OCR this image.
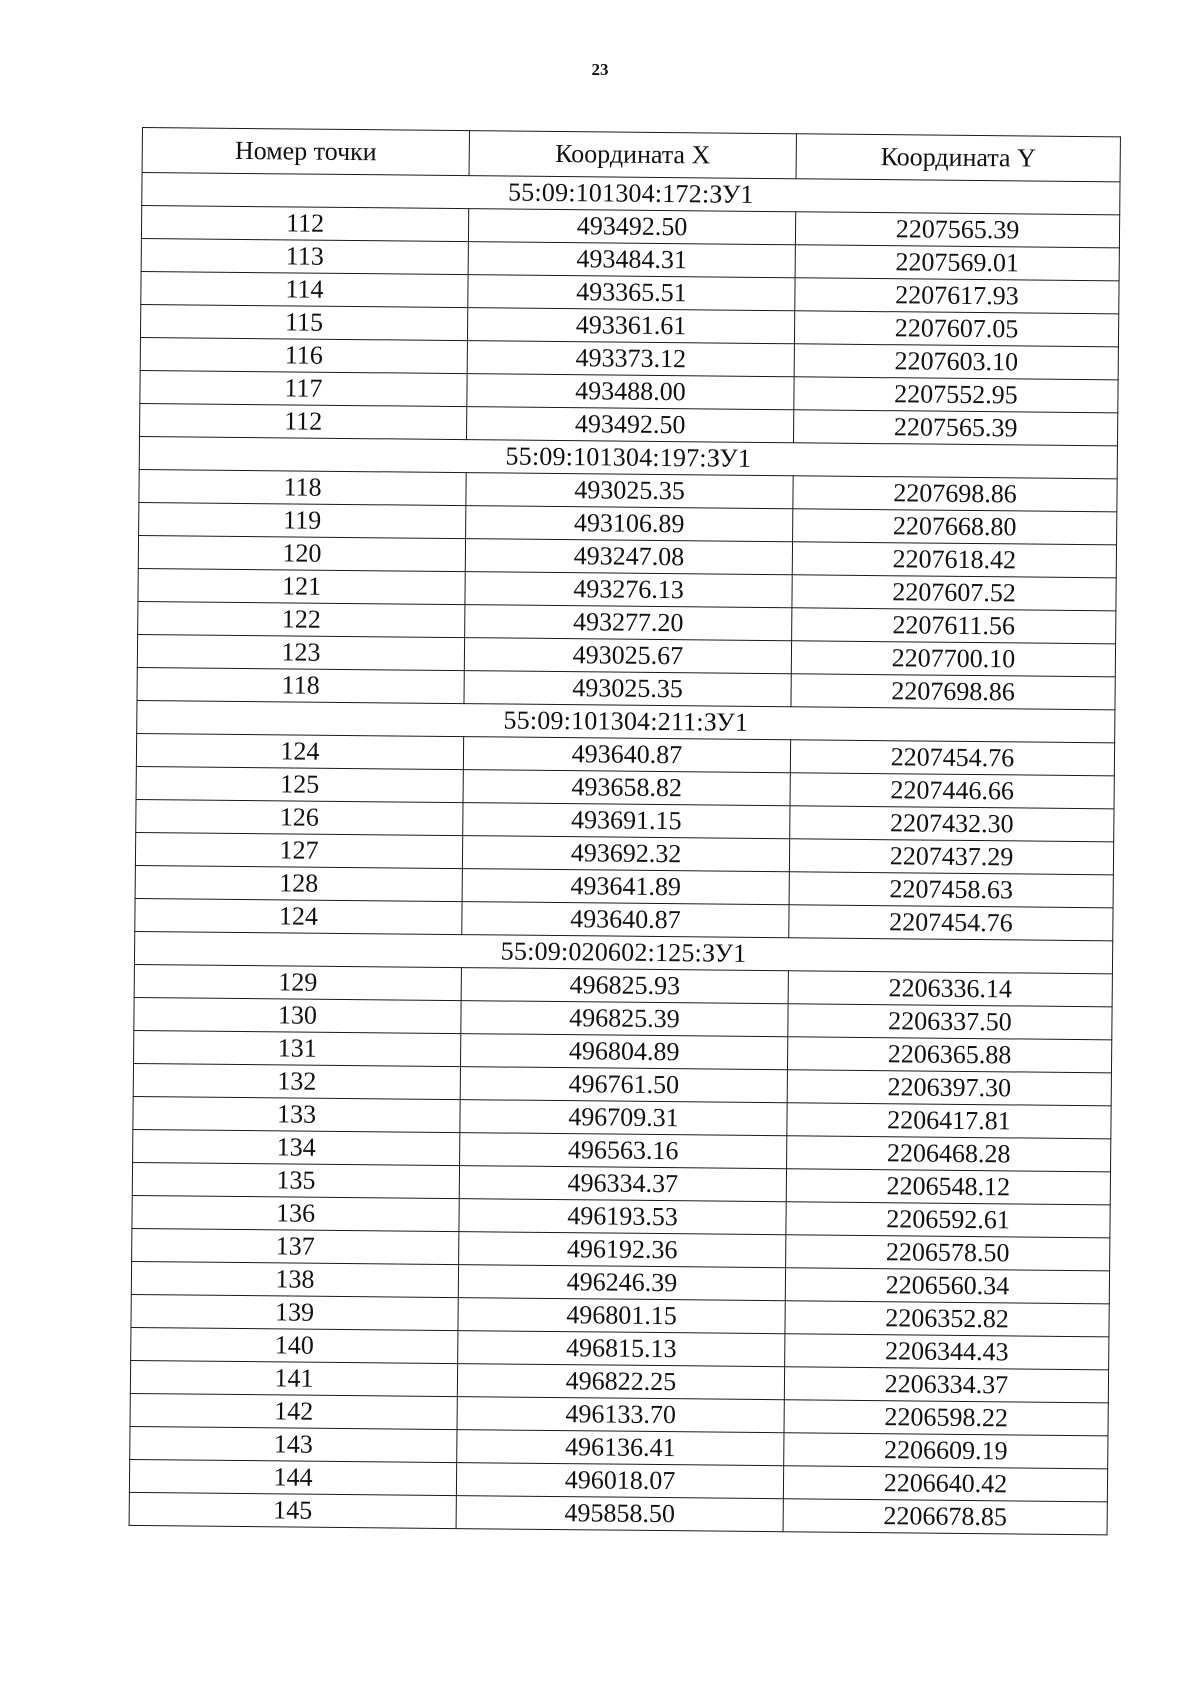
23
Номер точки	Координата X	Координата Y
55:09:101304:172:ЗУ1		
112	493492.50	2207565.39
113	493484.31	2207569.01
114	493365.51	2207617.93
115	493361.61	2207607.05
116	493373.12	2207603.10
117	493488.00	2207552.95
112	493492.50	2207565.39
55:09:101304:197:ЗУ1		
118	493025.35	2207698.86
119	493106.89	2207668.80
120	493247.08	2207618.42
121	493276.13	2207607.52
122	493277.20	2207611.56
123	493025.67	2207700.10
118	493025.35	2207698.86
55:09:101304:211:ЗУ1		
124	493640.87	2207454.76
125	493658.82	2207446.66
126	493691.15	2207432.30
127	493692.32	2207437.29
128	493641.89	2207458.63
124	493640.87	2207454.76
55:09:020602:125:ЗУ1		
129	496825.93	2206336.14
130	496825.39	2206337.50
131	496804.89	2206365.88
132	496761.50	2206397.30
133	496709.31	2206417.81
134	496563.16	2206468.28
135	496334.37	2206548.12
136	496193.53	2206592.61
137	496192.36	2206578.50
138	496246.39	2206560.34
139	496801.15	2206352.82
140	496815.13	2206344.43
141	496822.25	2206334.37
142	496133.70	2206598.22
143	496136.41	2206609.19
144	496018.07	2206640.42
145	495858.50	2206678.85
